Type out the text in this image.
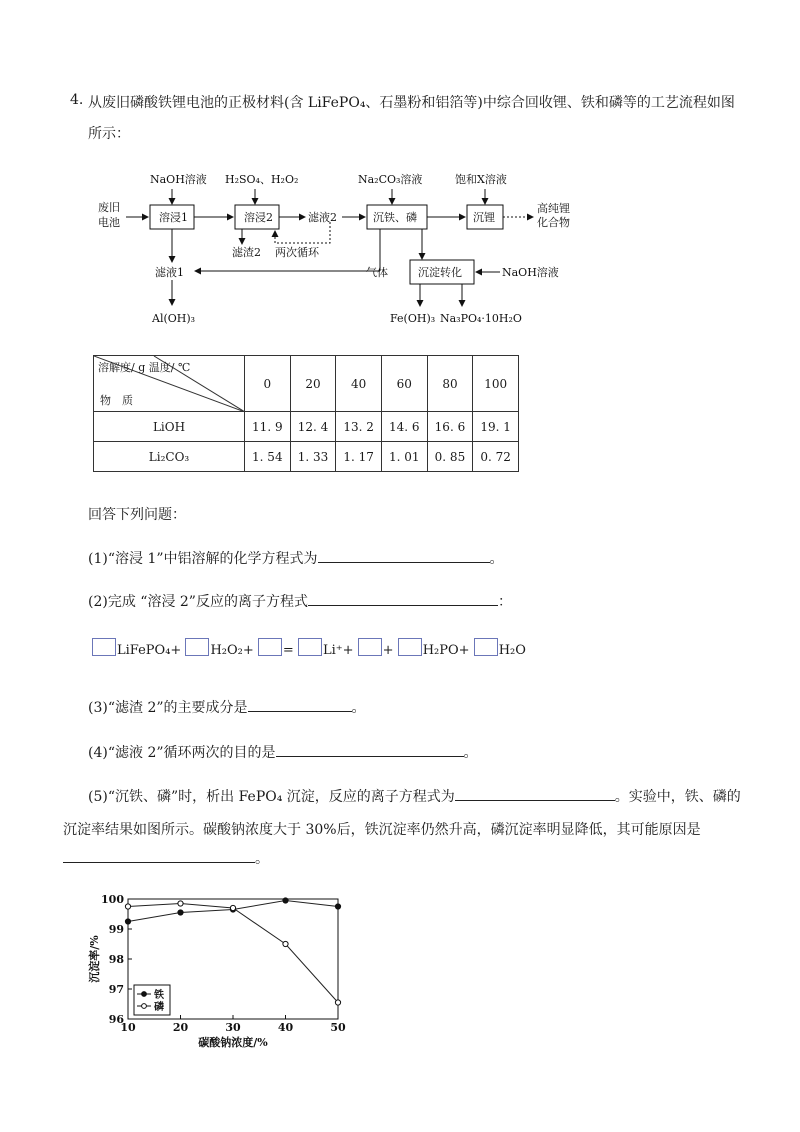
4. 从废旧磷酸铁锂电池的正极材料(含 LiFePO₄、石墨粉和铝箔等)中综合回收锂、铁和磷等的工艺流程如图
所示：
NaOH溶液 H₂SO₄、H₂O₂	Na₂CO₃溶液	饱和X溶液
废旧
电池	溶浸1	溶浸2	滤液2	沉铁、磷	沉锂
高纯锂
化合物
滤渣2 两次循环
滤液1
Al(OH)₃
气体	沉淀转化	NaOH溶液
Fe(OH)₃ Na₃PO₄·10H₂O
溶解度/ g 温度/ ℃
物　质	0	20	40	60	80	100
LiOH	11. 9	12. 4	13. 2	14. 6	16. 6	19. 1
Li₂CO₃	1. 54	1. 33	1. 17	1. 01	0. 85	0. 72
回答下列问题：
(1)“溶浸 1”中铝溶解的化学方程式为	。
(2)完成 “溶浸 2”反应的离子方程式	：
LiFePO₄+ H₂O₂+ = Li⁺+ + H₂PO+ H₂O
(3)“滤渣 2”的主要成分是	。
(4)“滤液 2”循环两次的目的是	。
(5)“沉铁、磷”时，析出 FePO₄ 沉淀，反应的离子方程式为	。实验中，铁、磷的
沉淀率结果如图所示。碳酸钠浓度大于 30%后，铁沉淀率仍然升高，磷沉淀率明显降低，其可能原因是
。
10	20	30	40	50
96
97
98
99
100
碳酸钠浓度/%
沉淀率/%
铁
磷
